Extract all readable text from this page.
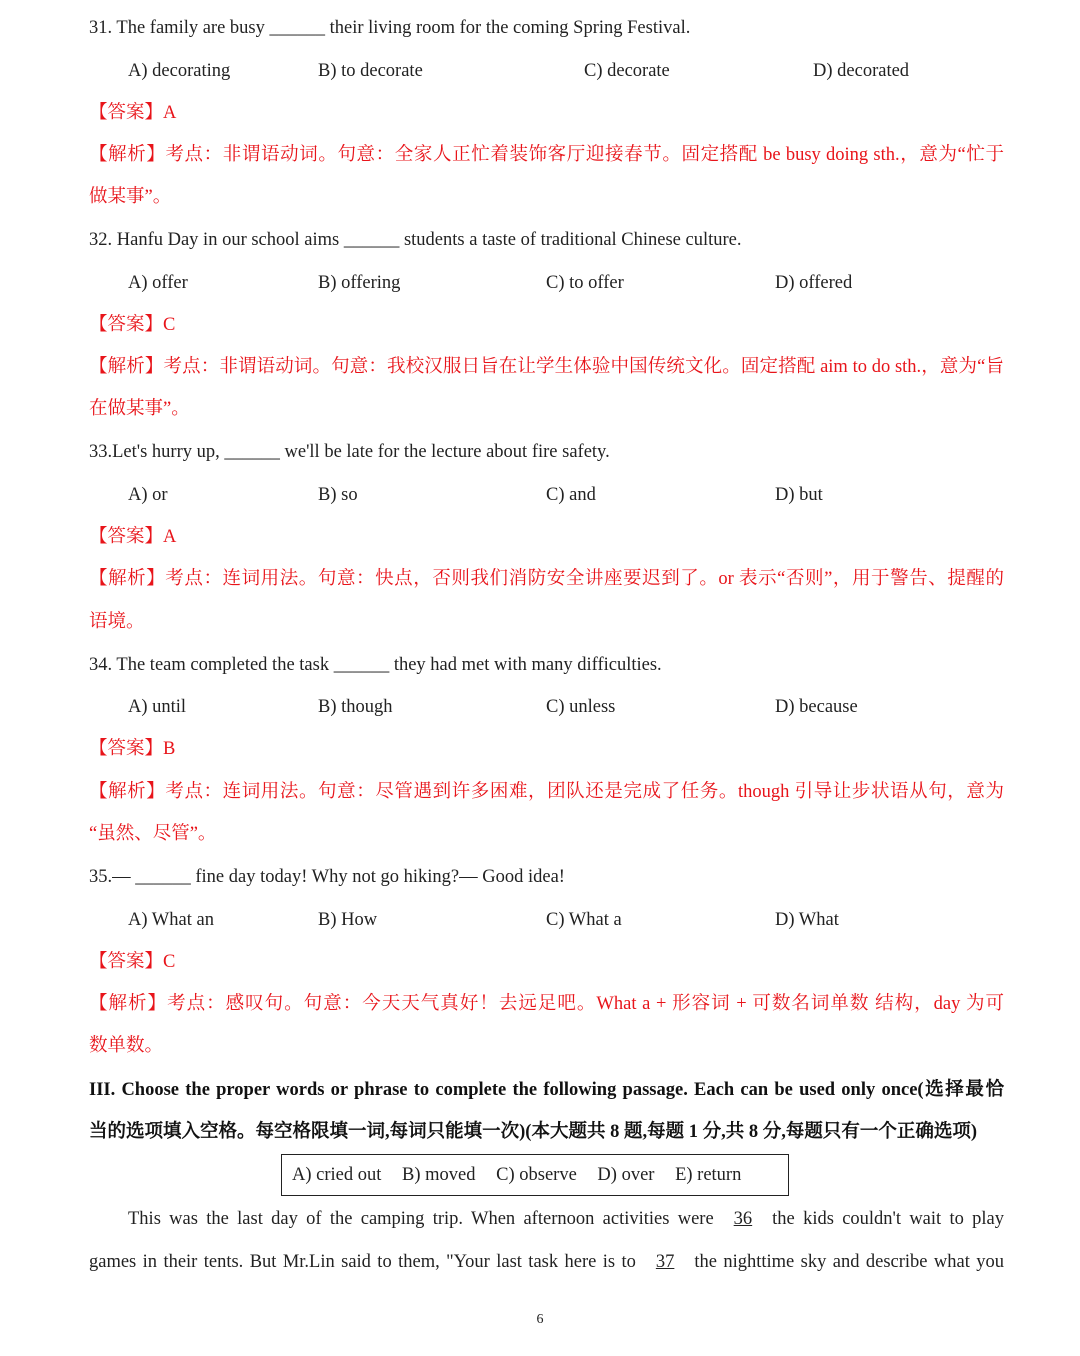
31. The family are busy ______ their living room for the coming Spring Festival.
A) decorating	B) to decorate	C) decorate	D) decorated
【答案】A
【解析】考点：非谓语动词。句意：全家人正忙着装饰客厅迎接春节。固定搭配 be busy doing sth.，意为“忙于
做某事”。
32. Hanfu Day in our school aims ______ students a taste of traditional Chinese culture.
A) offer	B) offering	C) to offer	D) offered
【答案】C
【解析】考点：非谓语动词。句意：我校汉服日旨在让学生体验中国传统文化。固定搭配 aim to do sth.，意为“旨
在做某事”。
33.Let's hurry up, ______ we'll be late for the lecture about fire safety.
A) or	B) so	C) and	D) but
【答案】A
【解析】考点：连词用法。句意：快点，否则我们消防安全讲座要迟到了。or 表示“否则”，用于警告、提醒的
语境。
34. The team completed the task ______ they had met with many difficulties.
A) until	B) though	C) unless	D) because
【答案】B
【解析】考点：连词用法。句意：尽管遇到许多困难，团队还是完成了任务。though 引导让步状语从句，意为
“虽然、尽管”。
35.— ______ fine day today! Why not go hiking?— Good idea!
A) What an	B) How	C) What a	D) What
【答案】C
【解析】考点：感叹句。句意：今天天气真好！去远足吧。What a + 形容词 + 可数名词单数 结构，day 为可
数单数。
III. Choose the proper words or phrase to complete the following passage. Each can be used only once(选择最恰
当的选项填入空格。每空格限填一词,每词只能填一次)(本大题共 8 题,每题 1 分,共 8 分,每题只有一个正确选项)
A) cried out B) moved C) observe D) over E) return
This was the last day of the camping trip. When afternoon activities were 36 the kids couldn't wait to play
games in their tents. But Mr.Lin said to them, "Your last task here is to 37 the nighttime sky and describe what you
6
